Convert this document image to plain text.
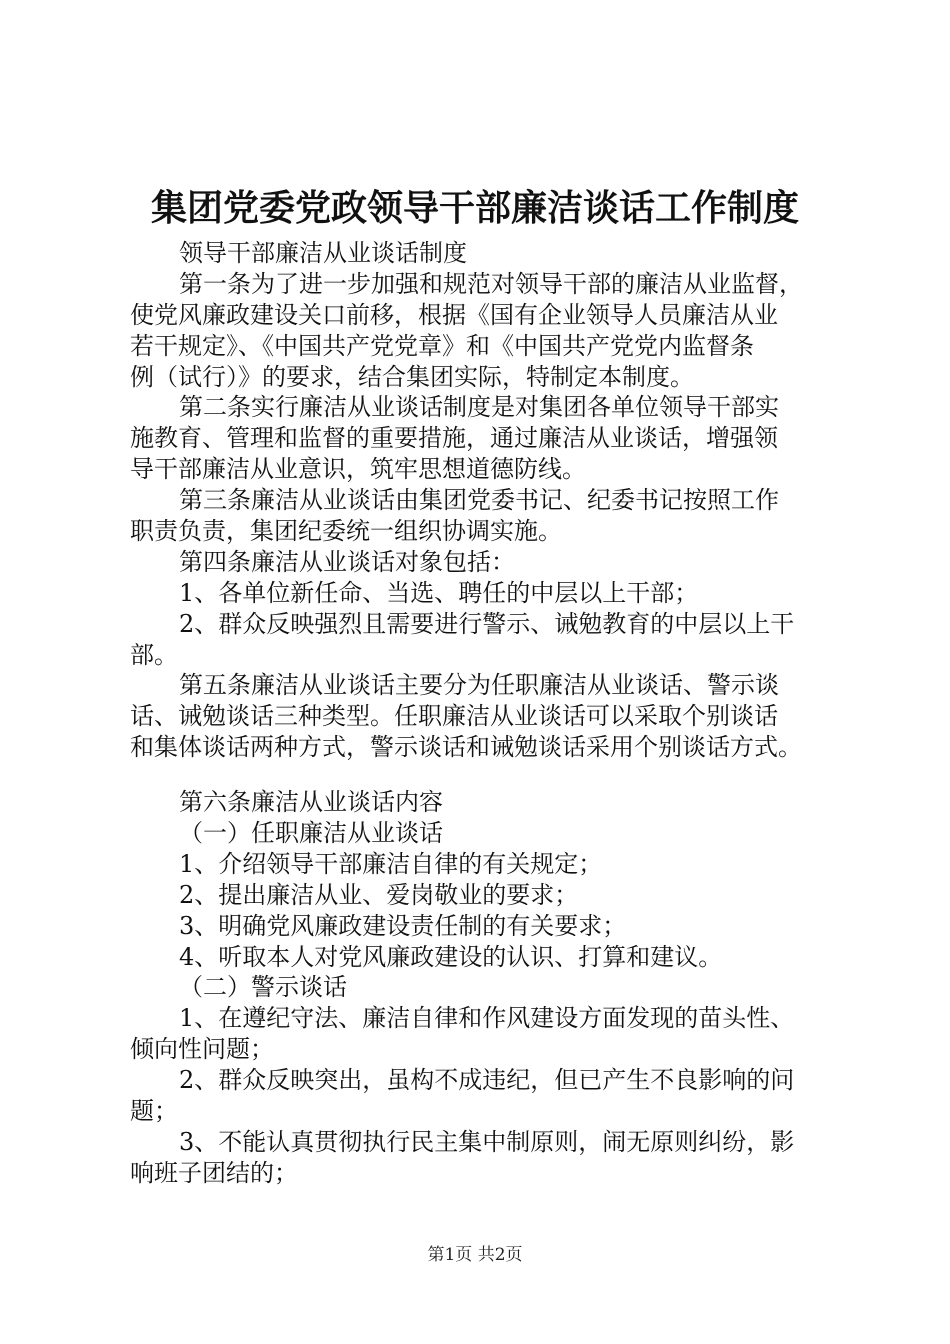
集团党委党政领导干部廉洁谈话工作制度
领导干部廉洁从业谈话制度
第一条为了进一步加强和规范对领导干部的廉洁从业监督，
使党风廉政建设关口前移，根据《国有企业领导人员廉洁从业
若干规定》、《中国共产党党章》和《中国共产党党内监督条
例（试行）》的要求，结合集团实际，特制定本制度。
第二条实行廉洁从业谈话制度是对集团各单位领导干部实
施教育、管理和监督的重要措施，通过廉洁从业谈话，增强领
导干部廉洁从业意识，筑牢思想道德防线。
第三条廉洁从业谈话由集团党委书记、纪委书记按照工作
职责负责，集团纪委统一组织协调实施。
第四条廉洁从业谈话对象包括：
1、各单位新任命、当选、聘任的中层以上干部；
2、群众反映强烈且需要进行警示、诫勉教育的中层以上干
部。
第五条廉洁从业谈话主要分为任职廉洁从业谈话、警示谈
话、诫勉谈话三种类型。任职廉洁从业谈话可以采取个别谈话
和集体谈话两种方式，警示谈话和诫勉谈话采用个别谈话方式。
第六条廉洁从业谈话内容
（一）任职廉洁从业谈话
1、介绍领导干部廉洁自律的有关规定；
2、提出廉洁从业、爱岗敬业的要求；
3、明确党风廉政建设责任制的有关要求；
4、听取本人对党风廉政建设的认识、打算和建议。
（二）警示谈话
1、在遵纪守法、廉洁自律和作风建设方面发现的苗头性、
倾向性问题；
2、群众反映突出，虽构不成违纪，但已产生不良影响的问
题；
3、不能认真贯彻执行民主集中制原则，闹无原则纠纷，影
响班子团结的；
第1页 共2页
